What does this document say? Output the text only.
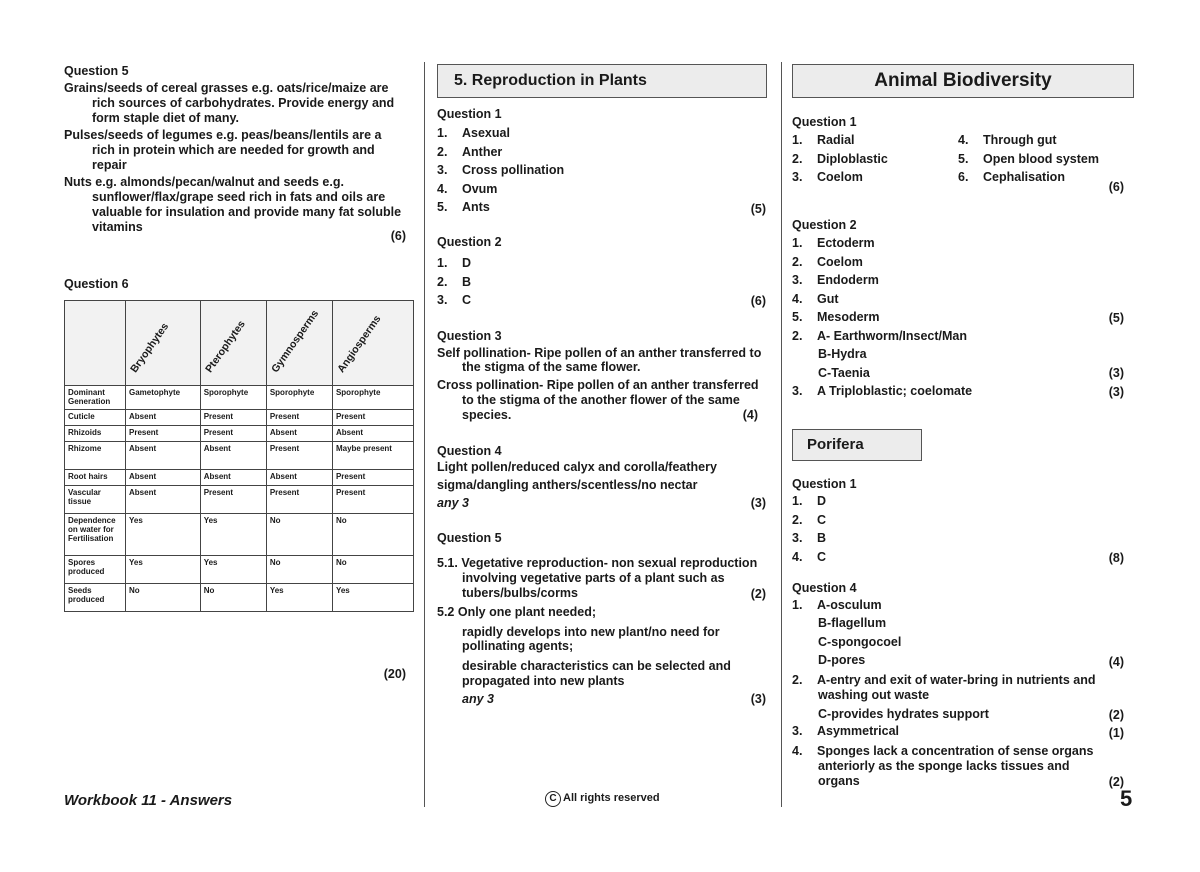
Question 5
Grains/seeds of cereal grasses e.g. oats/rice/maize are
rich sources of carbohydrates. Provide energy and
form staple diet of many.
Pulses/seeds of legumes e.g. peas/beans/lentils are a
rich in protein which are needed for growth and
repair
Nuts e.g. almonds/pecan/walnut and seeds e.g.
sunflower/flax/grape seed rich in fats and oils are
valuable for insulation and provide many fat soluble
vitamins
(6)
Question 6

	Bryophytes	Pterophytes	Gymnosperms	Angiosperms

Dominant Generation	Gametophyte	Sporophyte	Sporophyte	Sporophyte
Cuticle	Absent	Present	Present	Present
Rhizoids	Present	Present	Absent	Absent
Rhizome	Absent	Absent	Present	Maybe present
Root hairs	Absent	Absent	Absent	Present
Vascular tissue	Absent	Present	Present	Present
Dependence on water for Fertilisation	Yes	Yes	No	No
Spores produced	Yes	Yes	No	No
Seeds produced	No	No	Yes	Yes
(20)
Workbook 11 - Answers
5. Reproduction in Plants
Question 1
1. Asexual
2. Anther
3. Cross pollination
4. Ovum
5. Ants	(5)
Question 2
1. D
2. B
3. C	(6)
Question 3
Self pollination- Ripe pollen of an anther transferred to
the stigma of the same flower.
Cross pollination- Ripe pollen of an anther transferred
to the stigma of the another flower of the same
species.	(4)
Question 4
Light pollen/reduced calyx and corolla/feathery
sigma/dangling anthers/scentless/no nectar
any 3	(3)
Question 5
5.1. Vegetative reproduction- non sexual reproduction
involving vegetative parts of a plant such as
tubers/bulbs/corms	(2)
5.2 Only one plant needed;
rapidly develops into new plant/no need for
pollinating agents;
desirable characteristics can be selected and
propagated into new plants
any 3	(3)
C All rights reserved
Animal Biodiversity
Question 1
1. Radial
2. Diploblastic
3. Coelom
4. Through gut
5. Open blood system
6. Cephalisation
(6)
Question 2
1. Ectoderm
2. Coelom
3. Endoderm
4. Gut
5. Mesoderm	(5)
2. A- Earthworm/Insect/Man
B-Hydra
C-Taenia	(3)
3. A Triploblastic; coelomate	(3)
Porifera
Question 1
1. D
2. C
3. B
4. C	(8)
Question 4
1. A-osculum
B-flagellum
C-spongocoel
D-pores	(4)
2. A-entry and exit of water-bring in nutrients and
washing out waste
C-provides hydrates support	(2)
3. Asymmetrical	(1)
4. Sponges lack a concentration of sense organs
anteriorly as the sponge lacks tissues and
organs	(2)
5
